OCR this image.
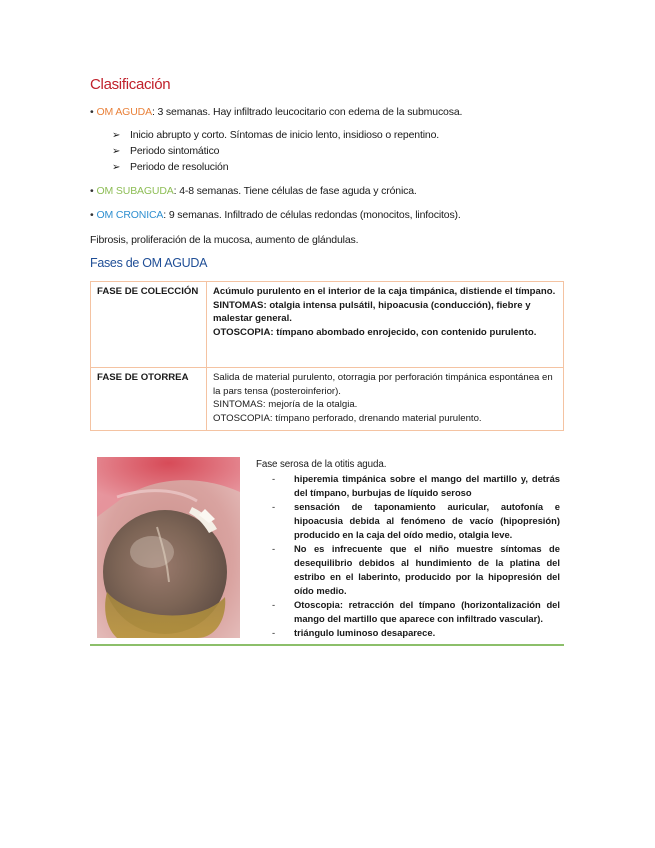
Clasificación
• OM AGUDA: 3 semanas. Hay infiltrado leucocitario con edema de la submucosa.
➢ Inicio abrupto y corto. Síntomas de inicio lento, insidioso o repentino.
➢ Periodo sintomático
➢ Periodo de resolución
• OM SUBAGUDA: 4-8 semanas. Tiene células de fase aguda y crónica.
• OM CRONICA: 9 semanas. Infiltrado de células redondas (monocitos, linfocitos).
Fibrosis, proliferación de la mucosa, aumento de glándulas.
Fases de OM AGUDA
FASE DE COLECCIÓN	Acúmulo purulento en el interior de la caja timpánica, distiende el tímpano.
SINTOMAS: otalgia intensa pulsátil, hipoacusia (conducción), fiebre y malestar general.
OTOSCOPIA: tímpano abombado enrojecido, con contenido purulento.

FASE DE OTORREA	Salida de material purulento, otorragia por perforación timpánica espontánea en la pars tensa (posteroinferior).
SINTOMAS: mejoría de la otalgia.
OTOSCOPIA: tímpano perforado, drenando material purulento.
Fase serosa de la otitis aguda.
- hiperemia timpánica sobre el mango del martillo y, detrás del tímpano, burbujas de líquido seroso
- sensación de taponamiento auricular, autofonía e hipoacusia debida al fenómeno de vacío (hipopresión) producido en la caja del oído medio, otalgia leve.
- No es infrecuente que el niño muestre síntomas de desequilibrio debidos al hundimiento de la platina del estribo en el laberinto, producido por la hipopresión del oído medio.
- Otoscopia: retracción del tímpano (horizontalización del mango del martillo que aparece con infiltrado vascular).
- triángulo luminoso desaparece.
